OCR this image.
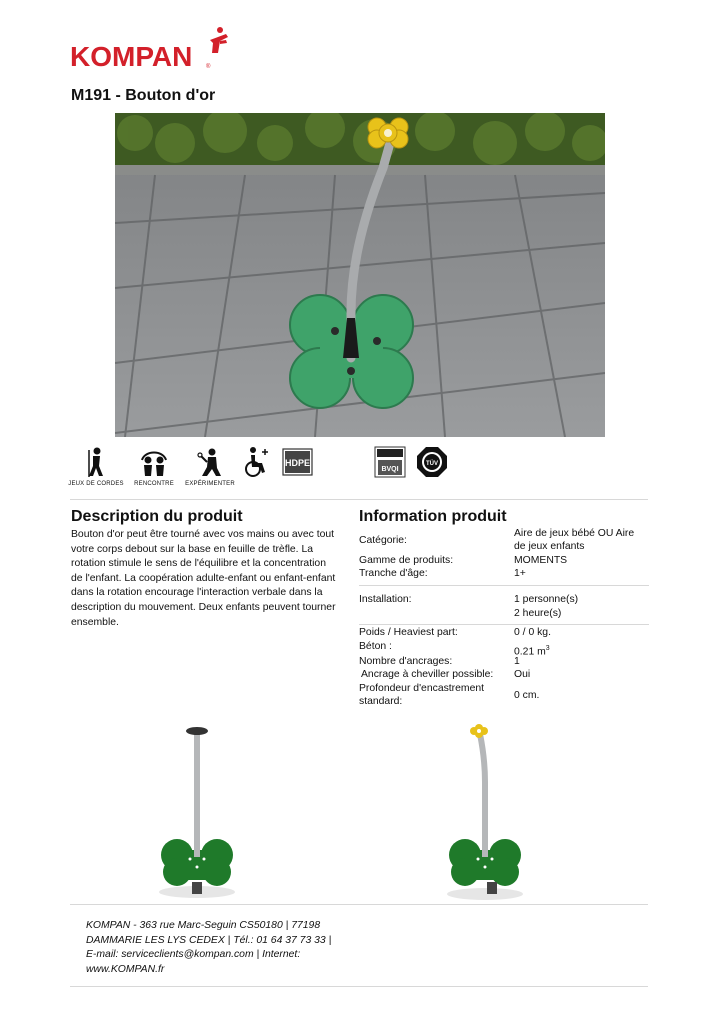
KOMPAN ®
M191 - Bouton d'or
JEUX DE CORDES	RENCONTRE	EXPÉRIMENTER
HDPE
BVQI
TÜV
Description du produit
Bouton d'or peut être tourné avec vos mains ou avec tout votre corps debout sur la base en feuille de trèfle. La rotation stimule le sens de l'équilibre et la concentration de l'enfant. La coopération adulte-enfant ou enfant-enfant dans la rotation encourage l'interaction verbale dans la description du mouvement. Deux enfants peuvent tourner ensemble.
Information produit
Catégorie:
Aire de jeux bébé OU Aire de jeux enfants
Gamme de produits:	MOMENTS
Tranche d'âge:	1+
Installation:	1 personne(s)
2 heure(s)
Poids / Heaviest part:	0 / 0 kg.
Béton :	0.21 $m^3$
Nombre d'ancrages:	1
Ancrage à cheviller possible:	Oui
Profondeur d'encastrement standard:
0 cm.
KOMPAN - 363 rue Marc-Seguin CS50180 | 77198
DAMMARIE LES LYS CEDEX | Tél.: 01 64 37 73 33 |
E-mail: serviceclients@kompan.com | Internet:
www.KOMPAN.fr
